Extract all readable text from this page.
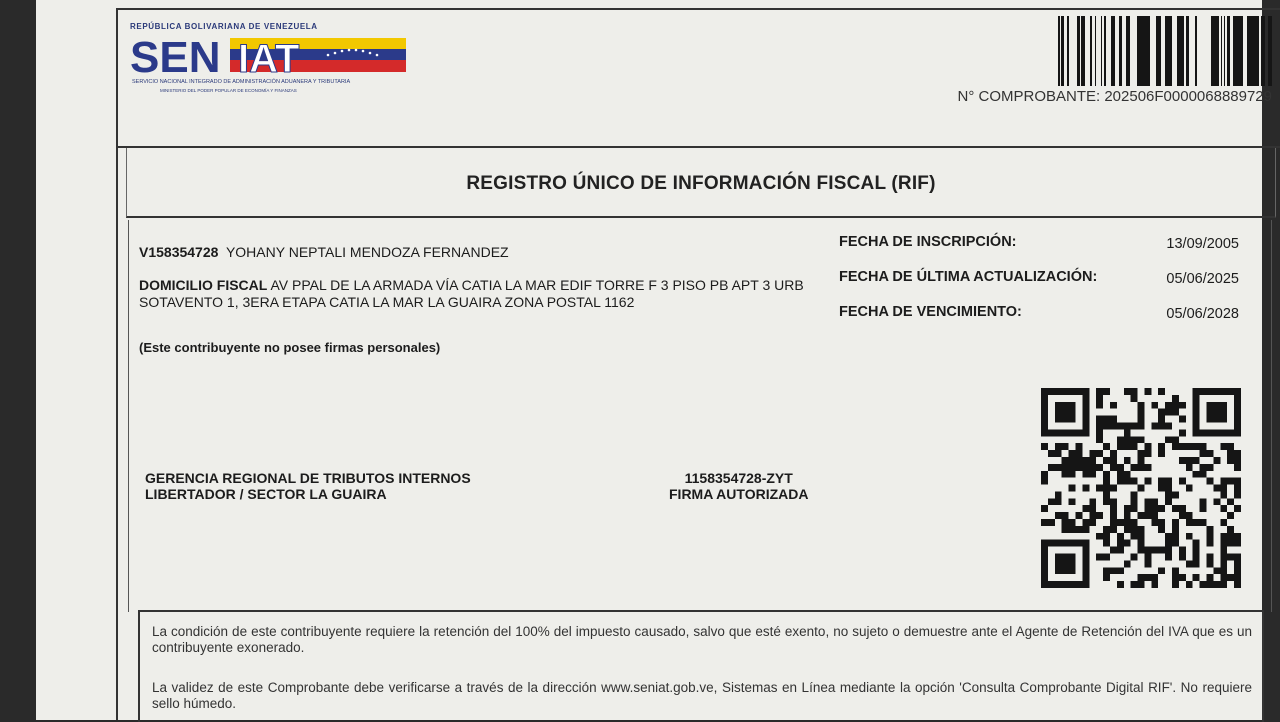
REPÚBLICA BOLIVARIANA DE VENEZUELA
SEN IAT
SERVICIO NACIONAL INTEGRADO DE ADMINISTRACIÓN ADUANERA Y TRIBUTARIA
MINISTERIO DEL PODER POPULAR DE ECONOMÍA Y FINANZAS	N° COMPROBANTE: 202506F0000068889729
REGISTRO ÚNICO DE INFORMACIÓN FISCAL (RIF)
V158354728 YOHANY NEPTALI MENDOZA FERNANDEZ
DOMICILIO FISCAL AV PPAL DE LA ARMADA VÍA CATIA LA MAR EDIF TORRE F 3 PISO PB APT 3 URB SOTAVENTO 1, 3ERA ETAPA CATIA LA MAR LA GUAIRA ZONA POSTAL 1162
(Este contribuyente no posee firmas personales)
FECHA DE INSCRIPCIÓN:	13/09/2005
FECHA DE ÚLTIMA ACTUALIZACIÓN:	05/06/2025
FECHA DE VENCIMIENTO:	05/06/2028
GERENCIA REGIONAL DE TRIBUTOS INTERNOS
LIBERTADOR / SECTOR LA GUAIRA
1158354728-ZYT
FIRMA AUTORIZADA
La condición de este contribuyente requiere la retención del 100% del impuesto causado, salvo que esté exento, no sujeto o demuestre ante el Agente de Retención del IVA que es un contribuyente exonerado.
La validez de este Comprobante debe verificarse a través de la dirección www.seniat.gob.ve, Sistemas en Línea mediante la opción 'Consulta Comprobante Digital RIF'. No requiere sello húmedo.
